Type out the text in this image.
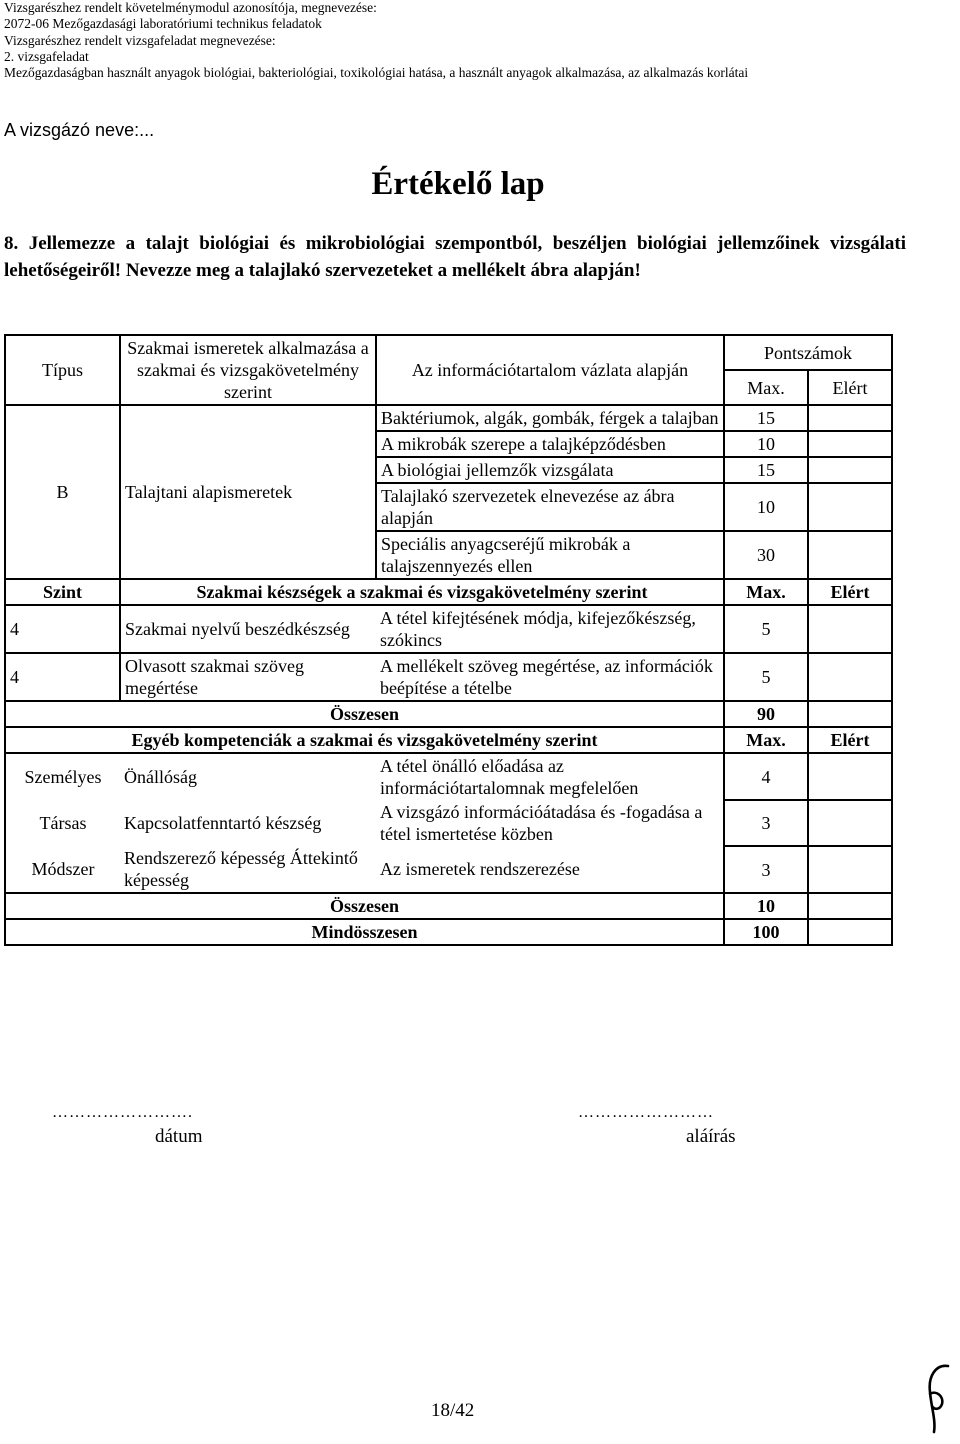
Vizsgarészhez rendelt követelménymodul azonosítója, megnevezése:
2072-06 Mezőgazdasági laboratóriumi technikus feladatok
Vizsgarészhez rendelt vizsgafeladat megnevezése:
2. vizsgafeladat
Mezőgazdaságban használt anyagok biológiai, bakteriológiai, toxikológiai hatása, a használt anyagok alkalmazása, az alkalmazás korlátai
A vizsgázó neve:...
Értékelő lap
8. Jellemezze a talajt biológiai és mikrobiológiai szempontból, beszéljen biológiai jellemzőinek vizsgálati lehetőségeiről! Nevezze meg a talajlakó szervezeteket a mellékelt ábra alapján!
Típus	Szakmai ismeretek alkalmazása a szakmai és vizsgakövetelmény szerint	Az információtartalom vázlata alapján	Pontszámok	
			Max.	Elért
B	Talajtani alapismeretek	Baktériumok, algák, gombák, férgek a talajban	15	
		A mikrobák szerepe a talajképződésben	10	
		A biológiai jellemzők vizsgálata	15	
		Talajlakó szervezetek elnevezése az ábra alapján	10	
		Speciális anyagcseréjű mikrobák a talajszennyezés ellen	30	
Szint	Szakmai készségek a szakmai és vizsgakövetelmény szerint		Max.	Elért
4	Szakmai nyelvű beszédkészség	A tétel kifejtésének módja, kifejezőkészség, szókincs	5	
4	Olvasott szakmai szöveg megértése	A mellékelt szöveg megértése, az információk beépítése a tételbe	5	
Összesen			90	
Egyéb kompetenciák a szakmai és vizsgakövetelmény szerint			Max.	Elért
Személyes	Önállóság	A tétel önálló előadása az információtartalomnak megfelelően	4	
Társas	Kapcsolatfenntartó készség	A vizsgázó információátadása és -fogadása a tétel ismertetése közben	3	
Módszer	Rendszerező képesség Áttekintő képesség	Az ismeretek rendszerezése	3	
Összesen			10	
Mindösszesen			100	
…………………….
dátum
……………………
aláírás
18/42
